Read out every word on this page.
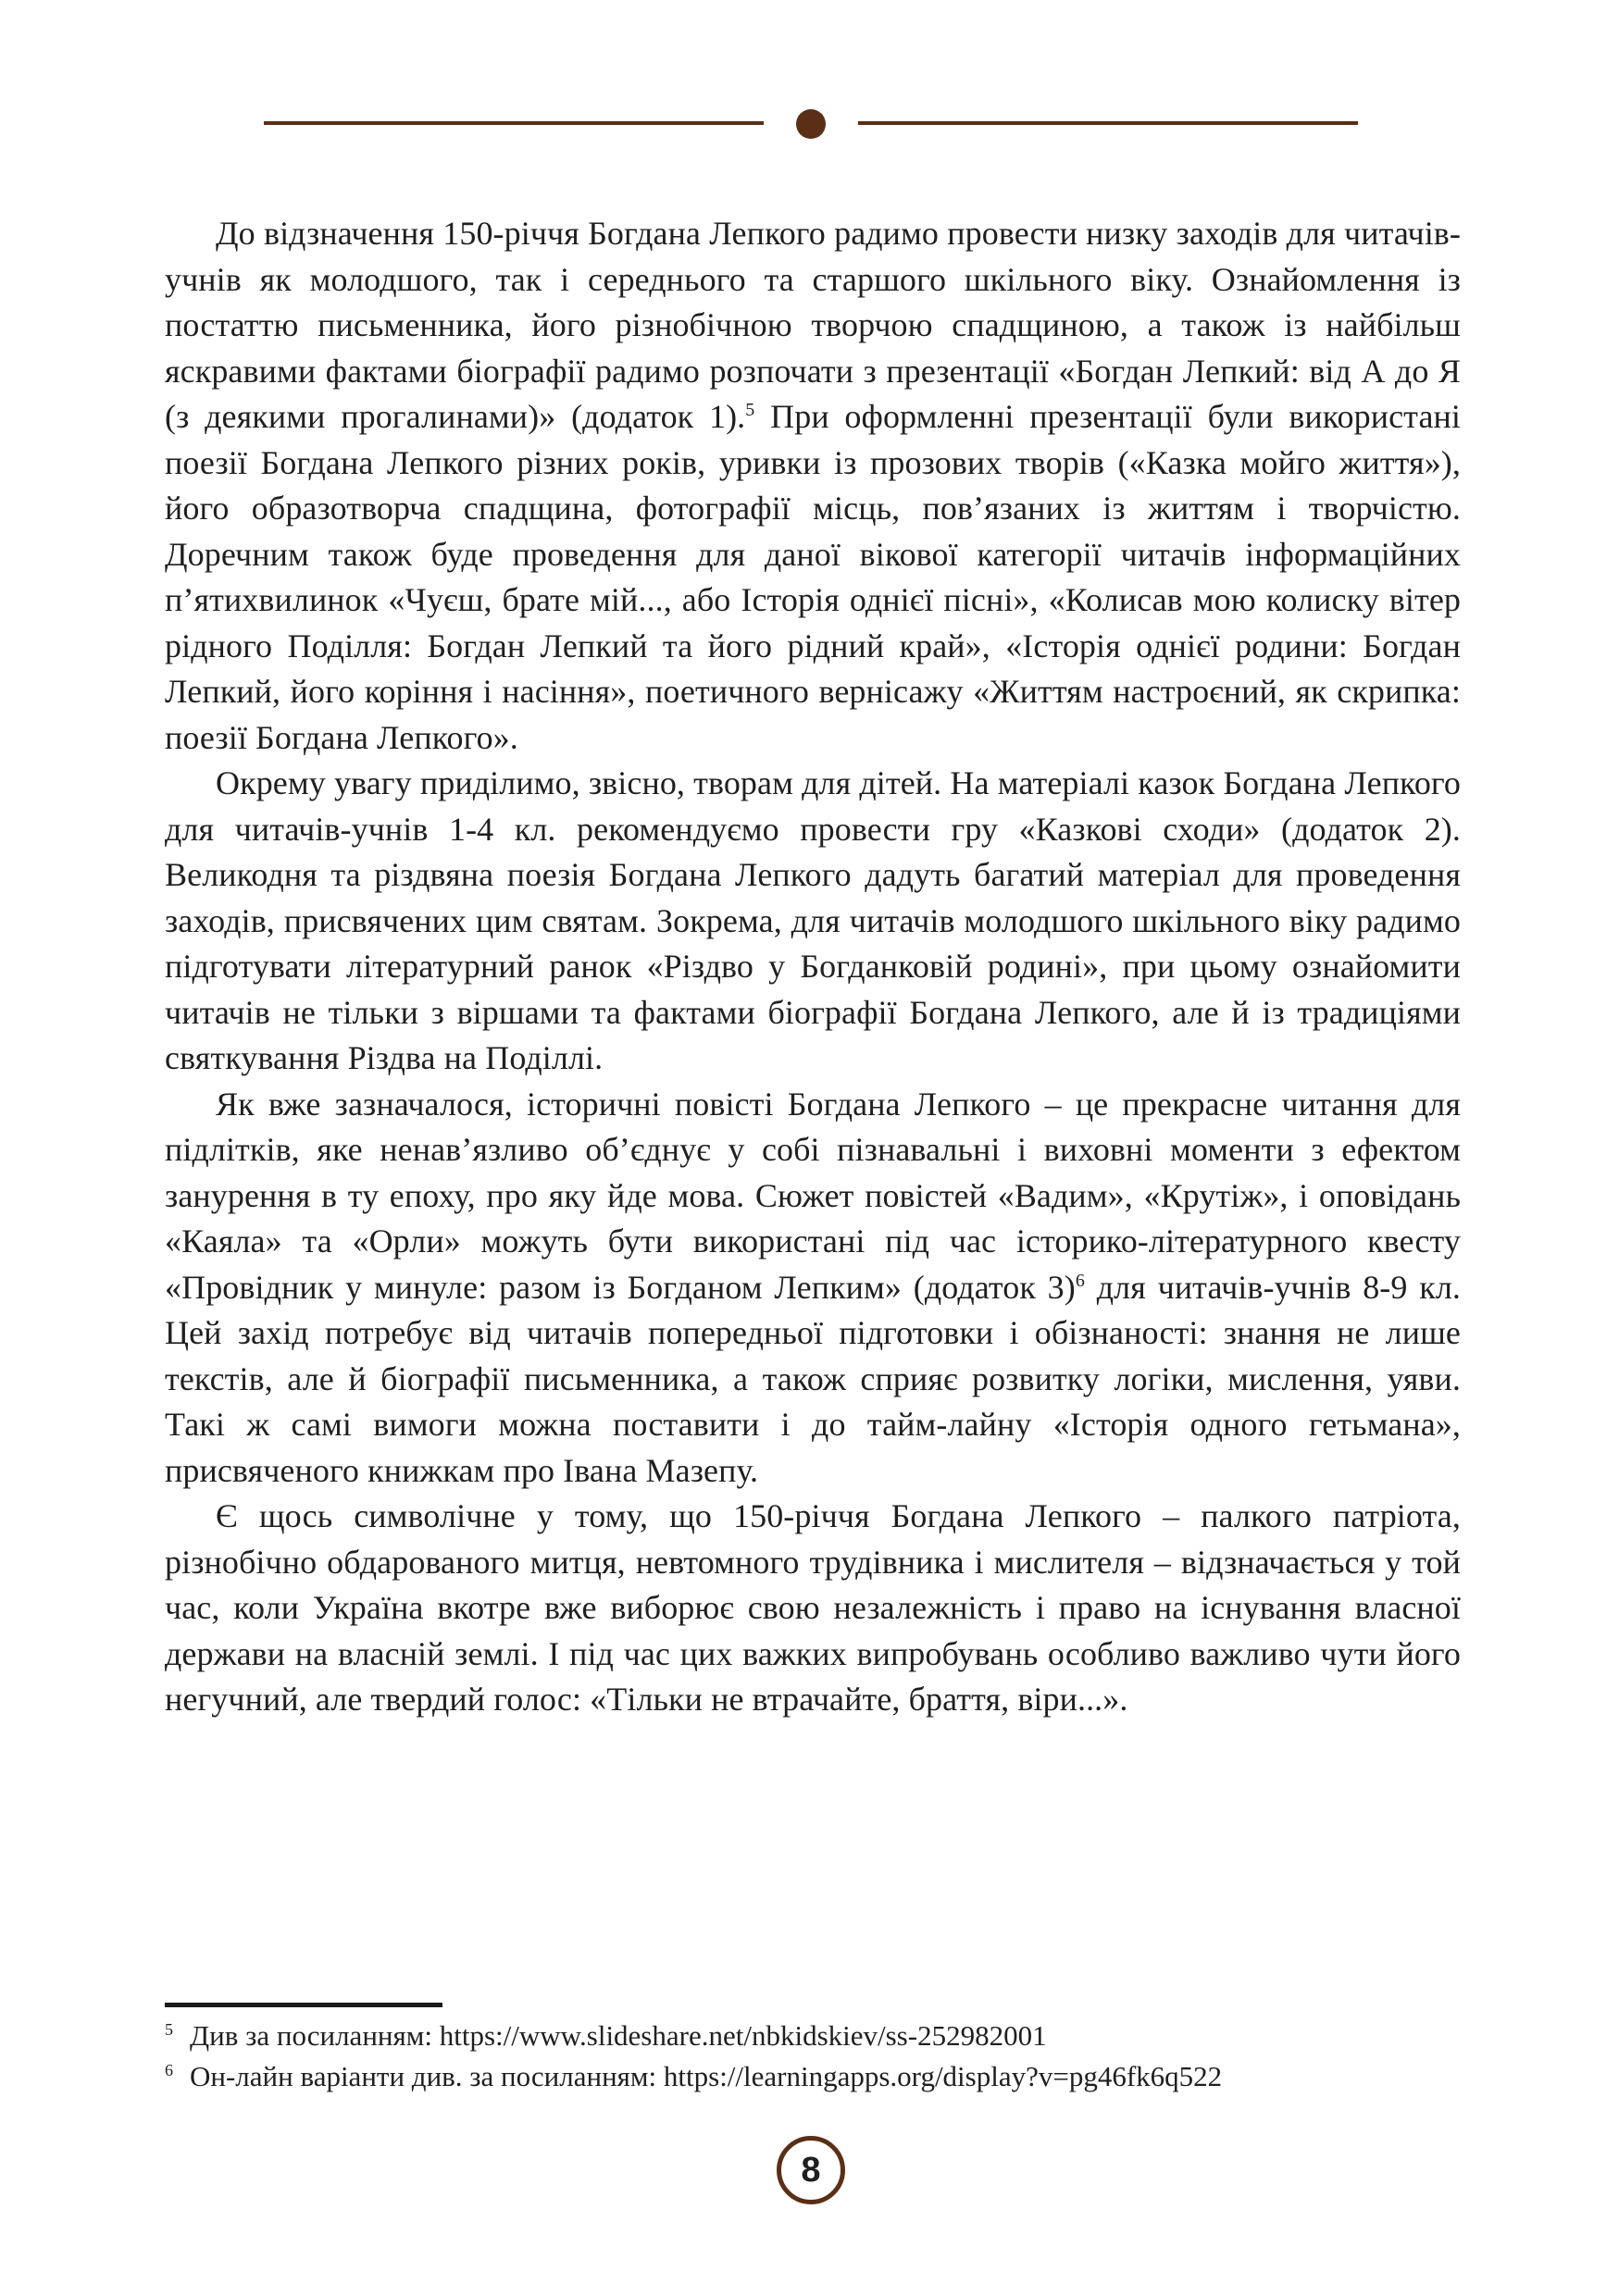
До відзначення 150-річчя Богдана Лепкого радимо провести низку заходів для читачів-учнів як молодшого, так і середнього та старшого шкільного віку. Ознайомлення із постаттю письменника, його різнобічною творчою спадщиною, а також із найбільш яскравими фактами біографії радимо розпочати з презентації «Богдан Лепкий: від А до Я (з деякими прогалинами)» (додаток 1).$^5$ При оформленні презентації були використані поезії Богдана Лепкого різних років, уривки із прозових творів («Казка мойго життя»), його образотворча спадщина, фотографії місць, пов’язаних із життям і творчістю. Доречним також буде проведення для даної вікової категорії читачів інформаційних п’ятихвилинок «Чуєш, брате мій..., або Історія однієї пісні», «Колисав мою колиску вітер рідного Поділля: Богдан Лепкий та його рідний край», «Історія однієї родини: Богдан Лепкий, його коріння і насіння», поетичного вернісажу «Життям настроєний, як скрипка: поезії Богдана Лепкого».

Окрему увагу приділимо, звісно, творам для дітей. На матеріалі казок Богдана Лепкого для читачів-учнів 1-4 кл. рекомендуємо провести гру «Казкові сходи» (додаток 2). Великодня та різдвяна поезія Богдана Лепкого дадуть багатий матеріал для проведення заходів, присвячених цим святам. Зокрема, для читачів молодшого шкільного віку радимо підготувати літературний ранок «Різдво у Богданковій родині», при цьому ознайомити читачів не тільки з віршами та фактами біографії Богдана Лепкого, але й із традиціями святкування Різдва на Поділлі.

Як вже зазначалося, історичні повісті Богдана Лепкого – це прекрасне читання для підлітків, яке ненав’язливо об’єднує у собі пізнавальні і виховні моменти з ефектом занурення в ту епоху, про яку йде мова. Сюжет повістей «Вадим», «Крутіж», і оповідань «Каяла» та «Орли» можуть бути використані під час історико-літературного квесту «Провідник у минуле: разом із Богданом Лепким» (додаток 3)$^6$ для читачів-учнів 8-9 кл. Цей захід потребує від читачів попередньої підготовки і обізнаності: знання не лише текстів, але й біографії письменника, а також сприяє розвитку логіки, мислення, уяви. Такі ж самі вимоги можна поставити і до тайм-лайну «Історія одного гетьмана», присвяченого книжкам про Івана Мазепу.

Є щось символічне у тому, що 150-річчя Богдана Лепкого – палкого патріота, різнобічно обдарованого митця, невтомного трудівника і мислителя – відзначається у той час, коли Україна вкотре вже виборює свою незалежність і право на існування власної держави на власній землі. І під час цих важких випробувань особливо важливо чути його негучний, але твердий голос: «Тільки не втрачайте, браття, віри...».

$^5$ Див за посиланням: https://www.slideshare.net/nbkidskiev/ss-252982001

$^6$ Он-лайн варіанти див. за посиланням: https://learningapps.org/display?v=pg46fk6q522

8
